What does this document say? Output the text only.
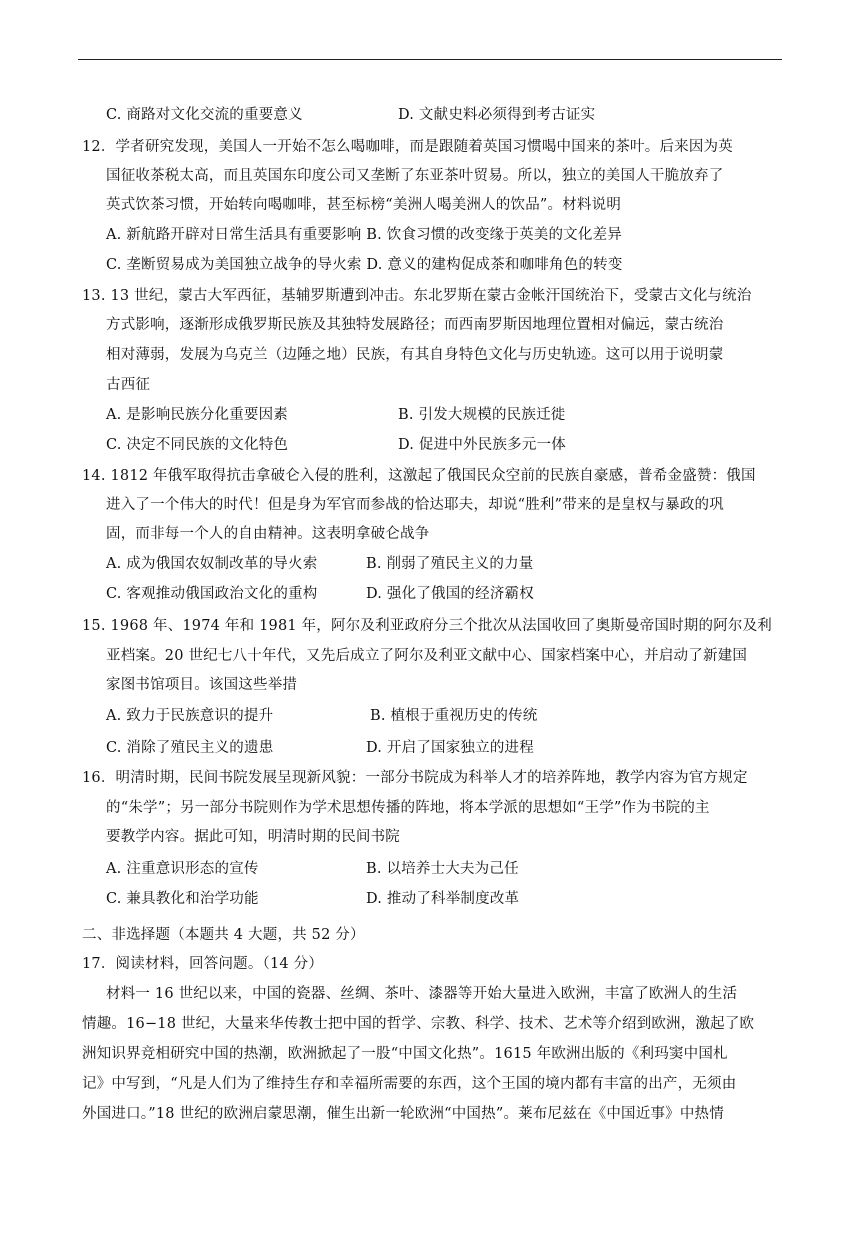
C. 商路对文化交流的重要意义	D. 文献史料必须得到考古证实
12．学者研究发现，美国人一开始不怎么喝咖啡，而是跟随着英国习惯喝中国来的茶叶。后来因为英
国征收茶税太高，而且英国东印度公司又垄断了东亚茶叶贸易。所以，独立的美国人干脆放弃了
英式饮茶习惯，开始转向喝咖啡，甚至标榜“美洲人喝美洲人的饮品”。材料说明
A. 新航路开辟对日常生活具有重要影响 B. 饮食习惯的改变缘于英美的文化差异
C. 垄断贸易成为美国独立战争的导火索 D. 意义的建构促成茶和咖啡角色的转变
13. 13 世纪，蒙古大军西征，基辅罗斯遭到冲击。东北罗斯在蒙古金帐汗国统治下，受蒙古文化与统治
方式影响，逐渐形成俄罗斯民族及其独特发展路径；而西南罗斯因地理位置相对偏远，蒙古统治
相对薄弱，发展为乌克兰（边陲之地）民族，有其自身特色文化与历史轨迹。这可以用于说明蒙
古西征
A. 是影响民族分化重要因素	B. 引发大规模的民族迁徙
C. 决定不同民族的文化特色	D. 促进中外民族多元一体
14. 1812 年俄军取得抗击拿破仑入侵的胜利，这激起了俄国民众空前的民族自豪感，普希金盛赞：俄国
进入了一个伟大的时代！但是身为军官而参战的恰达耶夫，却说“胜利”带来的是皇权与暴政的巩
固，而非每一个人的自由精神。这表明拿破仑战争
A. 成为俄国农奴制改革的导火索	B. 削弱了殖民主义的力量
C. 客观推动俄国政治文化的重构	D. 强化了俄国的经济霸权
15. 1968 年、1974 年和 1981 年，阿尔及利亚政府分三个批次从法国收回了奥斯曼帝国时期的阿尔及利
亚档案。20 世纪七八十年代，又先后成立了阿尔及利亚文献中心、国家档案中心，并启动了新建国
家图书馆项目。该国这些举措
A. 致力于民族意识的提升	B. 植根于重视历史的传统
C. 消除了殖民主义的遗患	D. 开启了国家独立的进程
16．明清时期，民间书院发展呈现新风貌：一部分书院成为科举人才的培养阵地，教学内容为官方规定
的“朱学”；另一部分书院则作为学术思想传播的阵地，将本学派的思想如“王学”作为书院的主
要教学内容。据此可知，明清时期的民间书院
A. 注重意识形态的宣传	B. 以培养士大夫为己任
C. 兼具教化和治学功能	D. 推动了科举制度改革
二、非选择题（本题共 4 大题，共 52 分）
17．阅读材料，回答问题。（14 分）
材料一 16 世纪以来，中国的瓷器、丝绸、茶叶、漆器等开始大量进入欧洲，丰富了欧洲人的生活
情趣。16−18 世纪，大量来华传教士把中国的哲学、宗教、科学、技术、艺术等介绍到欧洲，激起了欧
洲知识界竞相研究中国的热潮，欧洲掀起了一股“中国文化热”。1615 年欧洲出版的《利玛窦中国札
记》中写到，“凡是人们为了维持生存和幸福所需要的东西，这个王国的境内都有丰富的出产，无须由
外国进口。”18 世纪的欧洲启蒙思潮，催生出新一轮欧洲“中国热”。莱布尼兹在《中国近事》中热情
